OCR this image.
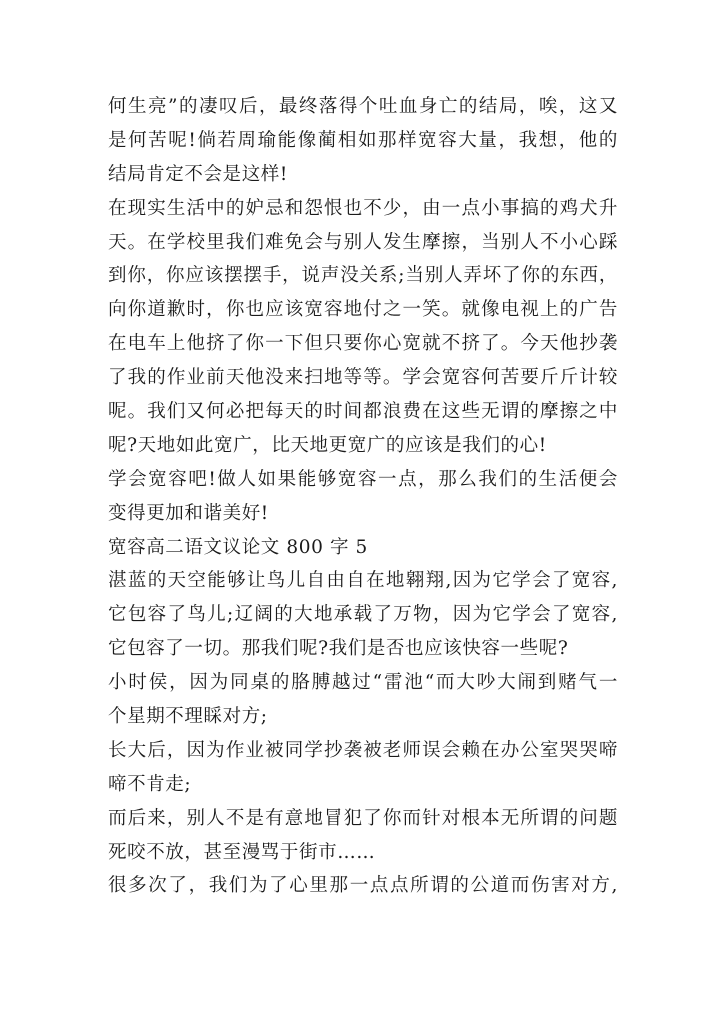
何生亮”的凄叹后，最终落得个吐血身亡的结局，唉，这又
是何苦呢!倘若周瑜能像蔺相如那样宽容大量，我想，他的
结局肯定不会是这样!
在现实生活中的妒忌和怨恨也不少，由一点小事搞的鸡犬升
天。在学校里我们难免会与别人发生摩擦，当别人不小心踩
到你，你应该摆摆手，说声没关系;当别人弄坏了你的东西，
向你道歉时，你也应该宽容地付之一笑。就像电视上的广告
在电车上他挤了你一下但只要你心宽就不挤了。今天他抄袭
了我的作业前天他没来扫地等等。学会宽容何苦要斤斤计较
呢。我们又何必把每天的时间都浪费在这些无谓的摩擦之中
呢?天地如此宽广，比天地更宽广的应该是我们的心!
学会宽容吧!做人如果能够宽容一点，那么我们的生活便会
变得更加和谐美好!
宽容高二语文议论文 800 字 5
湛蓝的天空能够让鸟儿自由自在地翱翔,因为它学会了宽容,
它包容了鸟儿;辽阔的大地承载了万物，因为它学会了宽容,
它包容了一切。那我们呢?我们是否也应该快容一些呢?
小时侯，因为同桌的胳膊越过“雷池“而大吵大闹到赌气一
个星期不理睬对方;
长大后，因为作业被同学抄袭被老师误会赖在办公室哭哭啼
啼不肯走;
而后来，别人不是有意地冒犯了你而针对根本无所谓的问题
死咬不放，甚至漫骂于街市……
很多次了，我们为了心里那一点点所谓的公道而伤害对方,
